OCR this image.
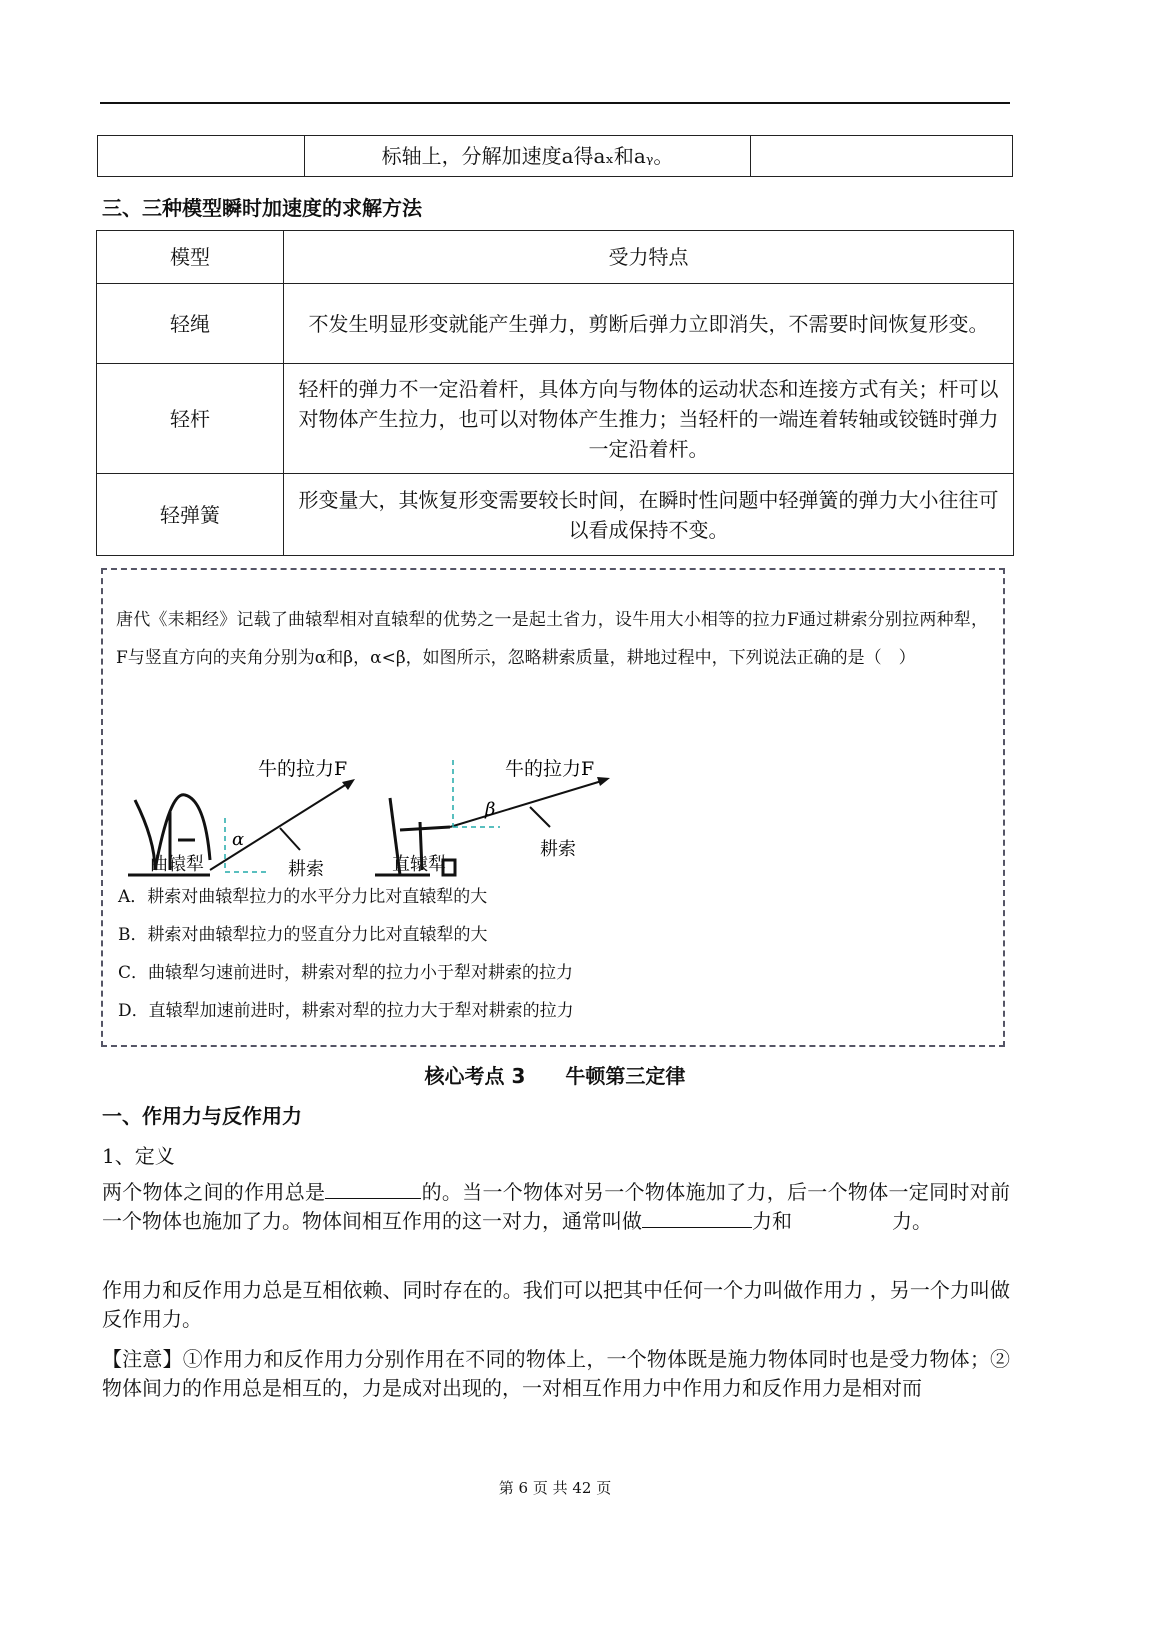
	标轴上，分解加速度a得aₓ和aᵧ。	
三、三种模型瞬时加速度的求解方法
模型	受力特点
轻绳	不发生明显形变就能产生弹力，剪断后弹力立即消失，不需要时间恢复形变。
轻杆	轻杆的弹力不一定沿着杆，具体方向与物体的运动状态和连接方式有关；杆可以对物体产生拉力，也可以对物体产生推力；当轻杆的一端连着转轴或铰链时弹力一定沿着杆。
轻弹簧	形变量大，其恢复形变需要较长时间，在瞬时性问题中轻弹簧的弹力大小往往可以看成保持不变。
唐代《耒耜经》记载了曲辕犁相对直辕犁的优势之一是起土省力，设牛用大小相等的拉力F通过耕索分别拉两种犁，F与竖直方向的夹角分别为α和β，α<β，如图所示，忽略耕索质量，耕地过程中，下列说法正确的是（　）
牛的拉力F	牛的拉力F
α
β
耕索
耕索
曲辕犁	直辕犁
A．耕索对曲辕犁拉力的水平分力比对直辕犁的大
B．耕索对曲辕犁拉力的竖直分力比对直辕犁的大
C．曲辕犁匀速前进时，耕索对犁的拉力小于犁对耕索的拉力
D．直辕犁加速前进时，耕索对犁的拉力大于犁对耕索的拉力
核心考点 3　　牛顿第三定律
一、作用力与反作用力
1、定义
两个物体之间的作用总是	的。当一个物体对另一个物体施加了力，后一个物体一定同时对前一个物体也施加了力。物体间相互作用的这一对力，通常叫做	力和　　　　　力。
作用力和反作用力总是互相依赖、同时存在的。我们可以把其中任何一个力叫做作用力 ，另一个力叫做反作用力。
【注意】①作用力和反作用力分别作用在不同的物体上，一个物体既是施力物体同时也是受力物体；②物体间力的作用总是相互的，力是成对出现的，一对相互作用力中作用力和反作用力是相对而
第 6 页 共 42 页
